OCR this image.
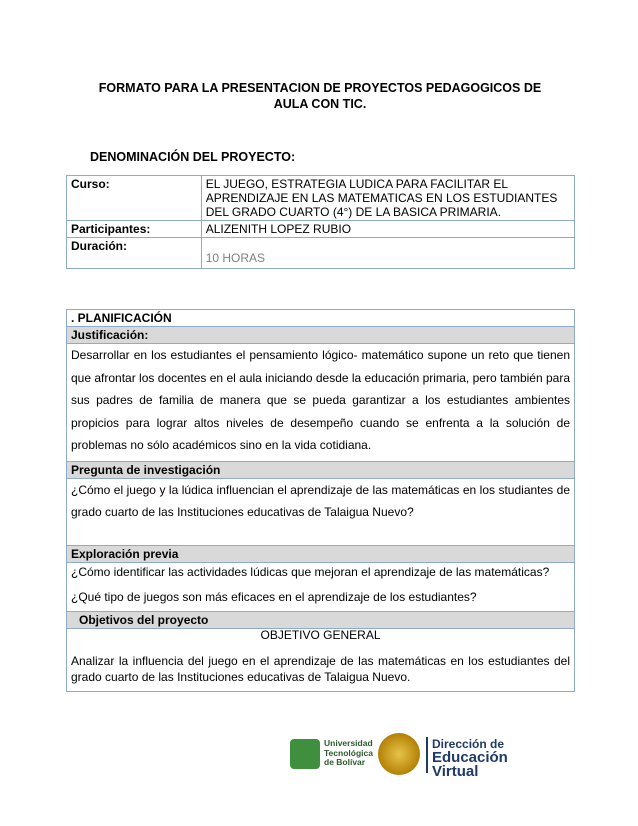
FORMATO PARA LA PRESENTACION DE PROYECTOS PEDAGOGICOS DE
AULA CON TIC.
DENOMINACIÓN DEL PROYECTO:
Curso:	EL JUEGO, ESTRATEGIA LUDICA PARA FACILITAR EL APRENDIZAJE EN LAS MATEMATICAS EN LOS ESTUDIANTES DEL GRADO CUARTO (4°) DE LA BASICA PRIMARIA.
Participantes:	ALIZENITH LOPEZ RUBIO
Duración:	10 HORAS
. PLANIFICACIÓN
Justificación:
Desarrollar en los estudiantes el pensamiento lógico- matemático supone un reto que tienen que afrontar los docentes en el aula iniciando desde la educación primaria, pero también para sus padres de familia de manera que se pueda garantizar a los estudiantes ambientes propicios para lograr altos niveles de desempeño cuando se enfrenta a la solución de problemas no sólo académicos sino en la vida cotidiana.
Pregunta de investigación

¿Cómo el juego y la lúdica influencian el aprendizaje de las matemáticas en los studiantes de grado cuarto de las Instituciones educativas de Talaigua Nuevo?

Exploración previa

¿Cómo identificar las actividades lúdicas que mejoran el aprendizaje de las matemáticas?
¿Qué tipo de juegos son más eficaces en el aprendizaje de los estudiantes?

Objetivos del proyecto

OBJETIVO GENERAL
Analizar la influencia del juego en el aprendizaje de las matemáticas en los estudiantes del grado cuarto de las Instituciones educativas de Talaigua Nuevo.
Universidad Tecnológica de Bolívar
Dirección de
Educación Virtual
